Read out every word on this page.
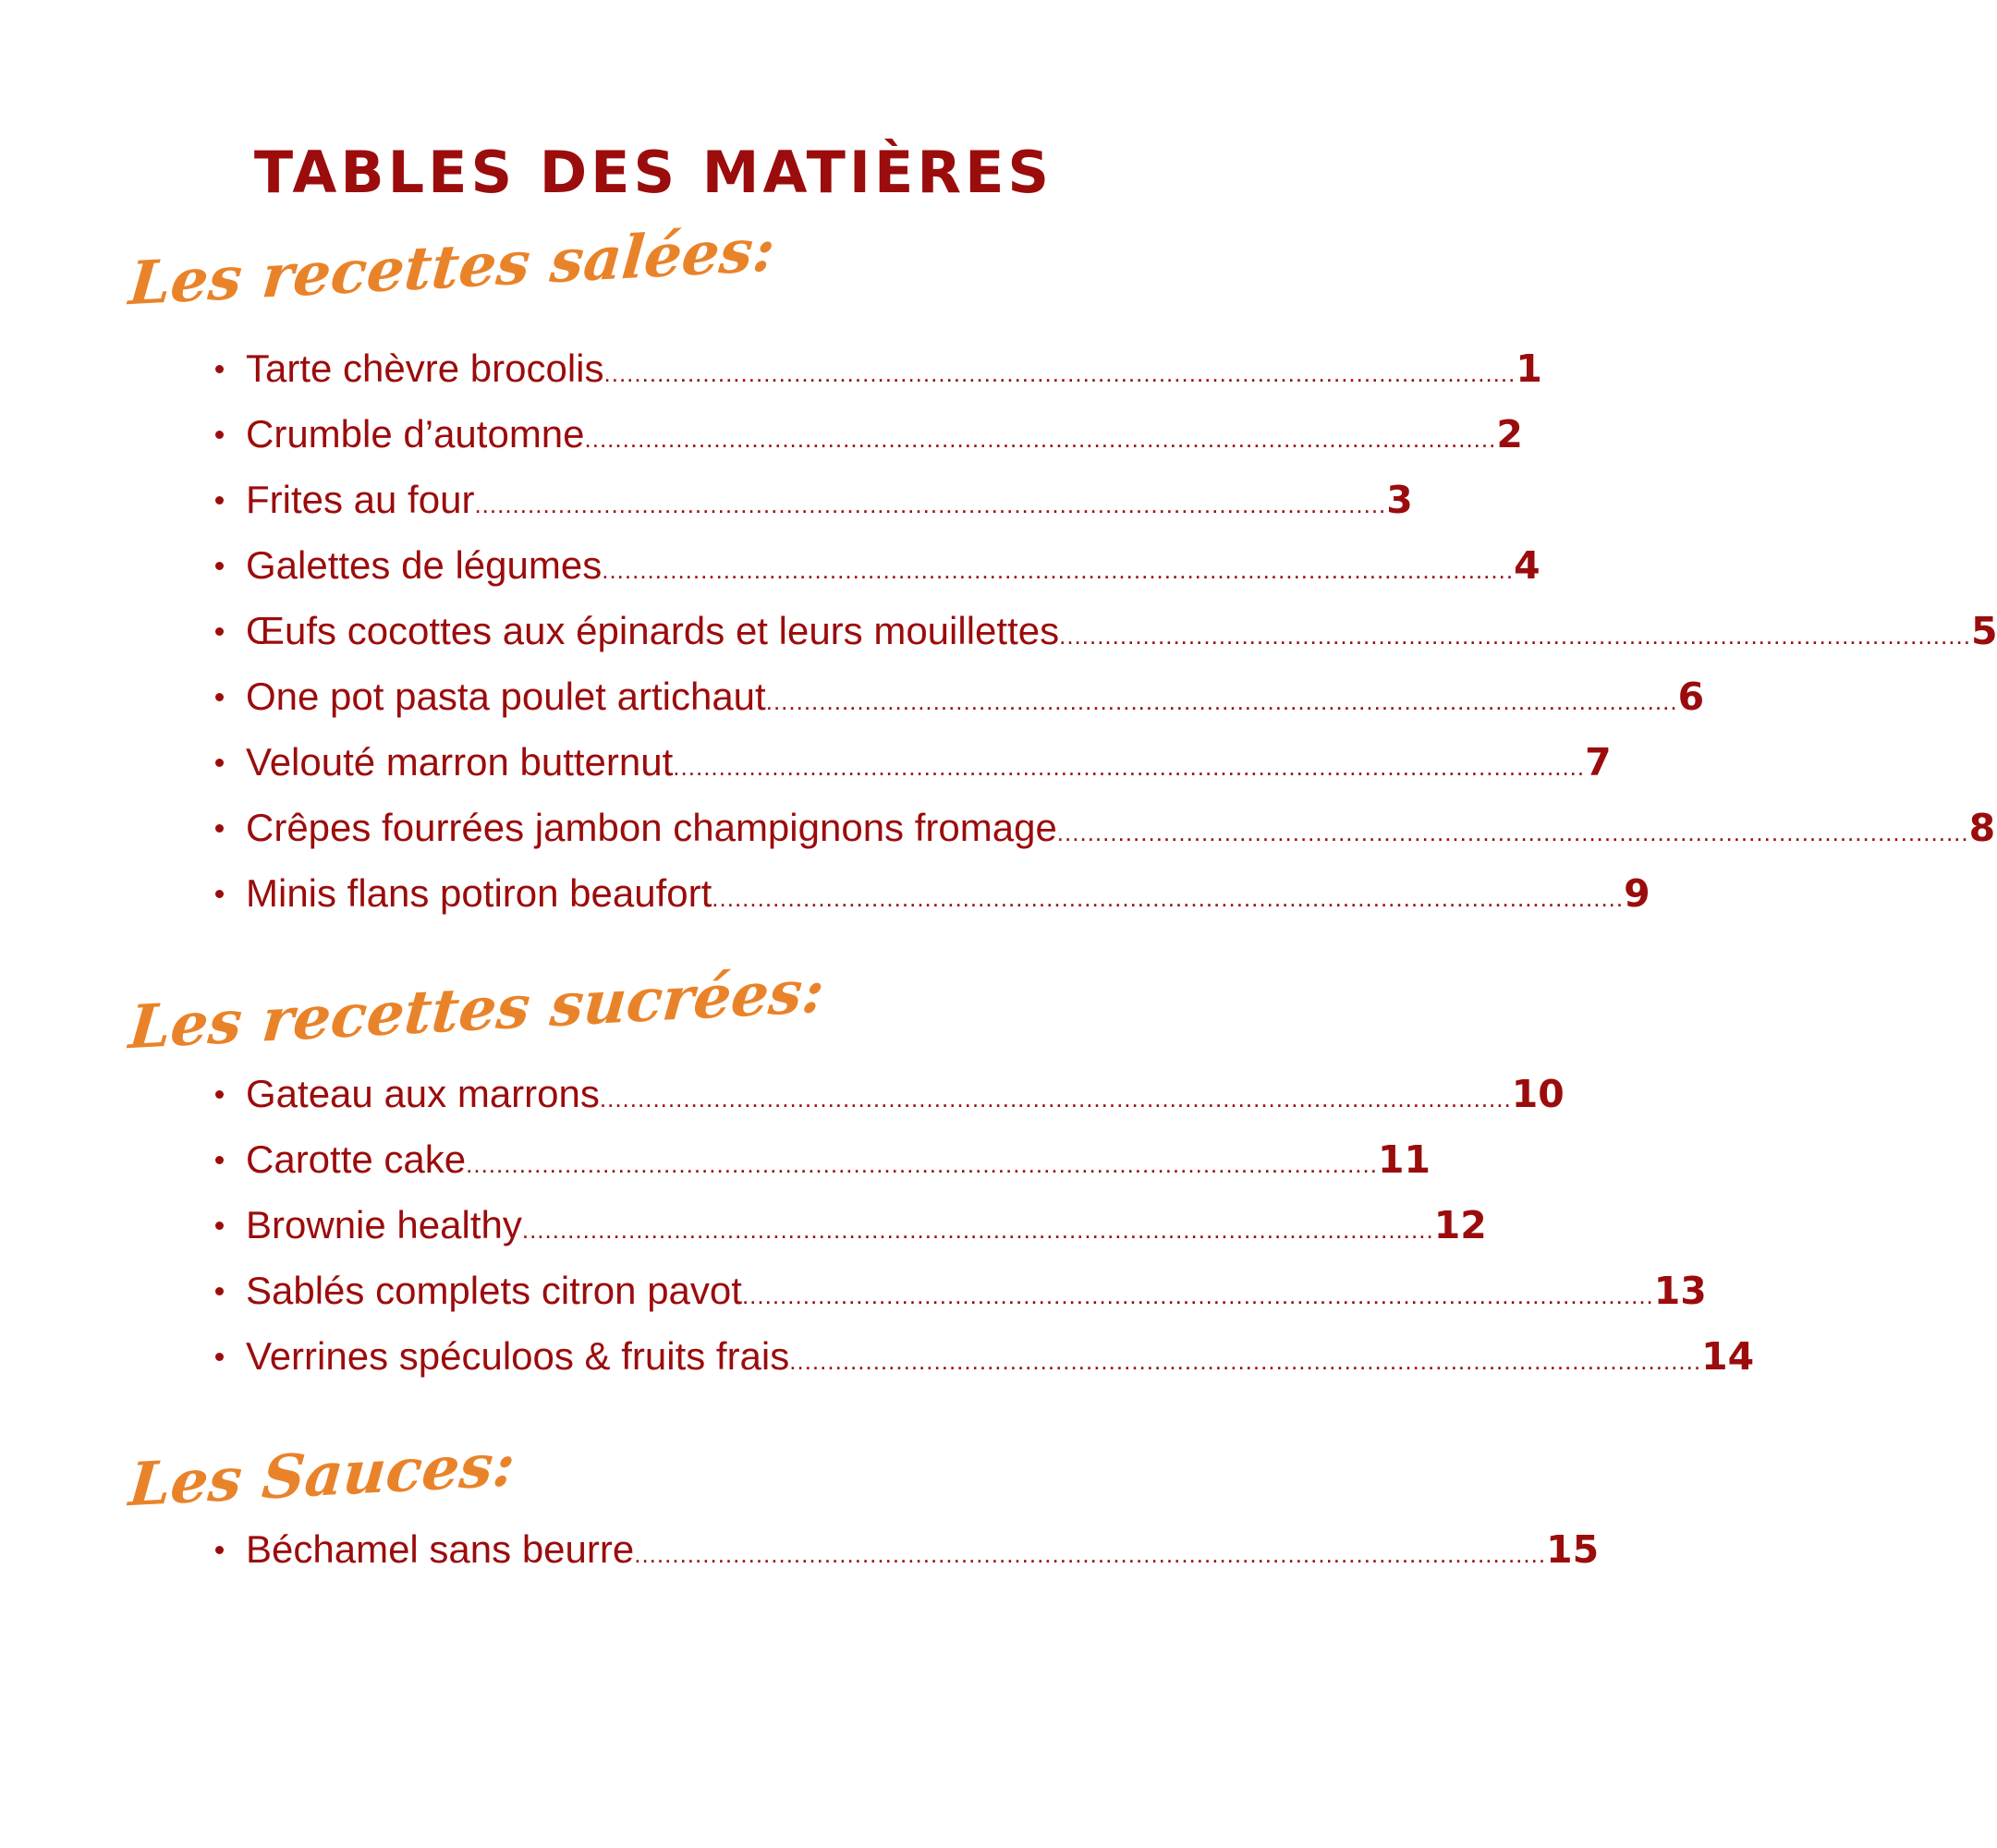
TABLES DES MATIÈRES
Les recettes salées:
Tarte chèvre brocolis ........................................................................................................................ 1
Crumble d’automne ........................................................................................................................ 2
Frites au four ........................................................................................................................ 3
Galettes de légumes ........................................................................................................................ 4
Œufs cocottes aux épinards et leurs mouillettes ........................................................................................................................ 5
One pot pasta poulet artichaut ........................................................................................................................ 6
Velouté marron butternut ........................................................................................................................ 7
Crêpes fourrées jambon champignons fromage ........................................................................................................................ 8
Minis flans potiron beaufort ........................................................................................................................ 9
Les recettes sucrées:
Gateau aux marrons ........................................................................................................................ 10
Carotte cake ........................................................................................................................ 11
Brownie healthy ........................................................................................................................ 12
Sablés complets citron pavot ........................................................................................................................ 13
Verrines spéculoos & fruits frais ........................................................................................................................ 14
Les Sauces:
Béchamel sans beurre ........................................................................................................................ 15
